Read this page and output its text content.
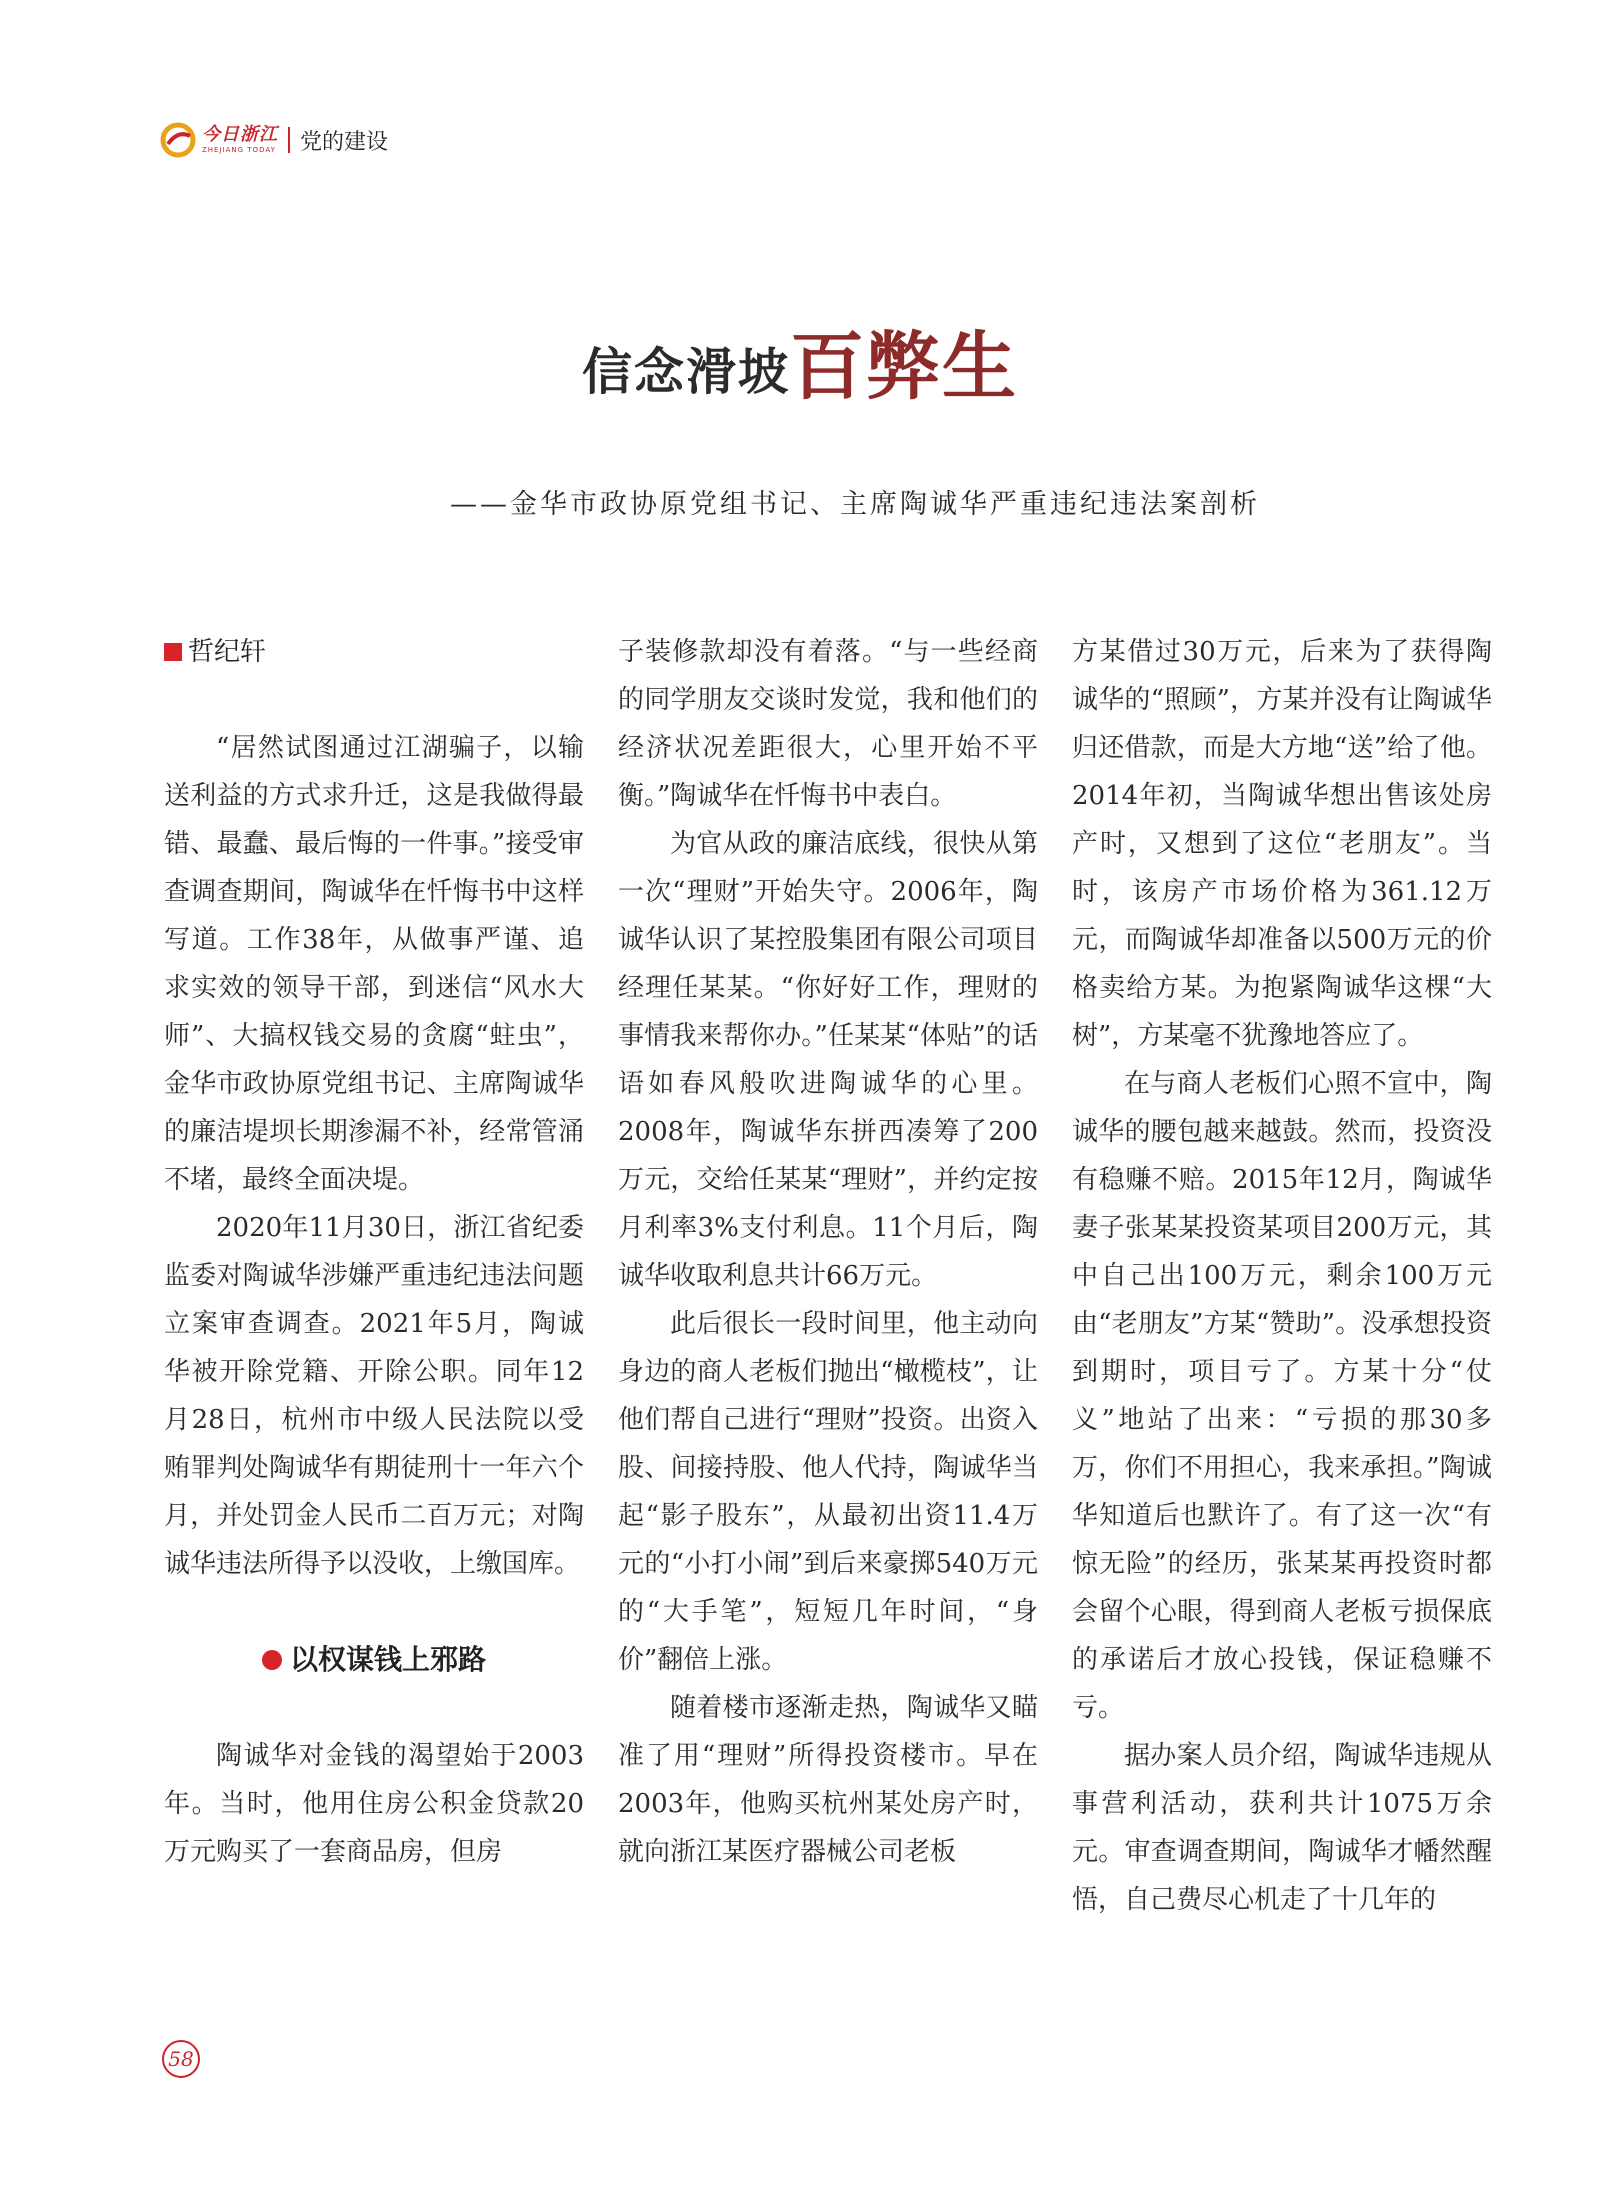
今日浙江
ZHEJIANG TODAY 党的建设
信念滑坡 百弊生
——金华市政协原党组书记、主席陶诚华严重违纪违法案剖析
哲纪轩

“居然试图通过江湖骗子，以输送利益的方式求升迁，这是我做得最错、最蠢、最后悔的一件事。”接受审查调查期间，陶诚华在忏悔书中这样写道。工作38年，从做事严谨、追求实效的领导干部，到迷信“风水大师”、大搞权钱交易的贪腐“蛀虫”，金华市政协原党组书记、主席陶诚华的廉洁堤坝长期渗漏不补，经常管涌不堵，最终全面决堤。

2020年11月30日，浙江省纪委监委对陶诚华涉嫌严重违纪违法问题立案审查调查。2021年5月，陶诚华被开除党籍、开除公职。同年12月28日，杭州市中级人民法院以受贿罪判处陶诚华有期徒刑十一年六个月，并处罚金人民币二百万元；对陶诚华违法所得予以没收，上缴国库。

以权谋钱上邪路

陶诚华对金钱的渴望始于2003年。当时，他用住房公积金贷款20万元购买了一套商品房，但房

子装修款却没有着落。“与一些经商的同学朋友交谈时发觉，我和他们的经济状况差距很大，心里开始不平衡。”陶诚华在忏悔书中表白。

为官从政的廉洁底线，很快从第一次“理财”开始失守。2006年，陶诚华认识了某控股集团有限公司项目经理任某某。“你好好工作，理财的事情我来帮你办。”任某某“体贴”的话语如春风般吹进陶诚华的心里。2008年，陶诚华东拼西凑筹了200万元，交给任某某“理财”，并约定按月利率3%支付利息。11个月后，陶诚华收取利息共计66万元。

此后很长一段时间里，他主动向身边的商人老板们抛出“橄榄枝”，让他们帮自己进行“理财”投资。出资入股、间接持股、他人代持，陶诚华当起“影子股东”，从最初出资11.4万元的“小打小闹”到后来豪掷540万元的“大手笔”，短短几年时间，“身价”翻倍上涨。

随着楼市逐渐走热，陶诚华又瞄准了用“理财”所得投资楼市。早在2003年，他购买杭州某处房产时，就向浙江某医疗器械公司老板

方某借过30万元，后来为了获得陶诚华的“照顾”，方某并没有让陶诚华归还借款，而是大方地“送”给了他。2014年初，当陶诚华想出售该处房产时，又想到了这位“老朋友”。当时，该房产市场价格为361.12万元，而陶诚华却准备以500万元的价格卖给方某。为抱紧陶诚华这棵“大树”，方某毫不犹豫地答应了。

在与商人老板们心照不宣中，陶诚华的腰包越来越鼓。然而，投资没有稳赚不赔。2015年12月，陶诚华妻子张某某投资某项目200万元，其中自己出100万元，剩余100万元由“老朋友”方某“赞助”。没承想投资到期时，项目亏了。方某十分“仗义”地站了出来：“亏损的那30多万，你们不用担心，我来承担。”陶诚华知道后也默许了。有了这一次“有惊无险”的经历，张某某再投资时都会留个心眼，得到商人老板亏损保底的承诺后才放心投钱，保证稳赚不亏。

据办案人员介绍，陶诚华违规从事营利活动，获利共计1075万余元。审查调查期间，陶诚华才幡然醒悟，自己费尽心机走了十几年的

58
